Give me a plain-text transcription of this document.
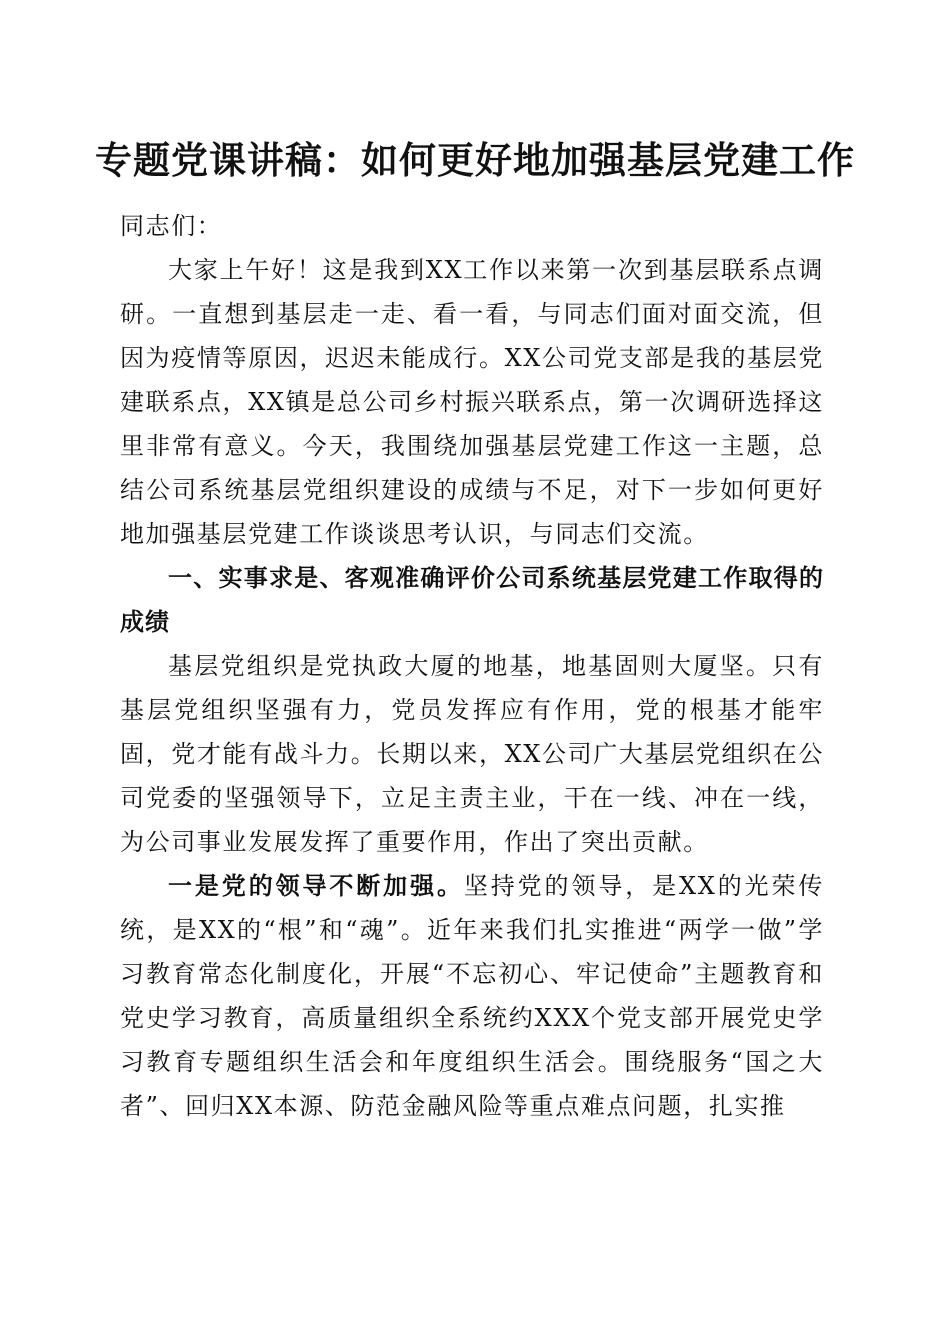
专题党课讲稿：如何更好地加强基层党建工作

同志们：

大家上午好！这是我到XX工作以来第一次到基层联系点调研。一直想到基层走一走、看一看，与同志们面对面交流，但因为疫情等原因，迟迟未能成行。XX公司党支部是我的基层党建联系点，XX镇是总公司乡村振兴联系点，第一次调研选择这里非常有意义。今天，我围绕加强基层党建工作这一主题，总结公司系统基层党组织建设的成绩与不足，对下一步如何更好地加强基层党建工作谈谈思考认识，与同志们交流。

一、实事求是、客观准确评价公司系统基层党建工作取得的成绩

基层党组织是党执政大厦的地基，地基固则大厦坚。只有基层党组织坚强有力，党员发挥应有作用，党的根基才能牢固，党才能有战斗力。长期以来，XX公司广大基层党组织在公司党委的坚强领导下，立足主责主业，干在一线、冲在一线，为公司事业发展发挥了重要作用，作出了突出贡献。

一是党的领导不断加强。坚持党的领导，是XX的光荣传统，是XX的“根”和“魂”。近年来我们扎实推进“两学一做”学习教育常态化制度化，开展“不忘初心、牢记使命”主题教育和党史学习教育，高质量组织全系统约XXX个党支部开展党史学习教育专题组织生活会和年度组织生活会。围绕服务“国之大者”、回归XX本源、防范金融风险等重点难点问题，扎实推
